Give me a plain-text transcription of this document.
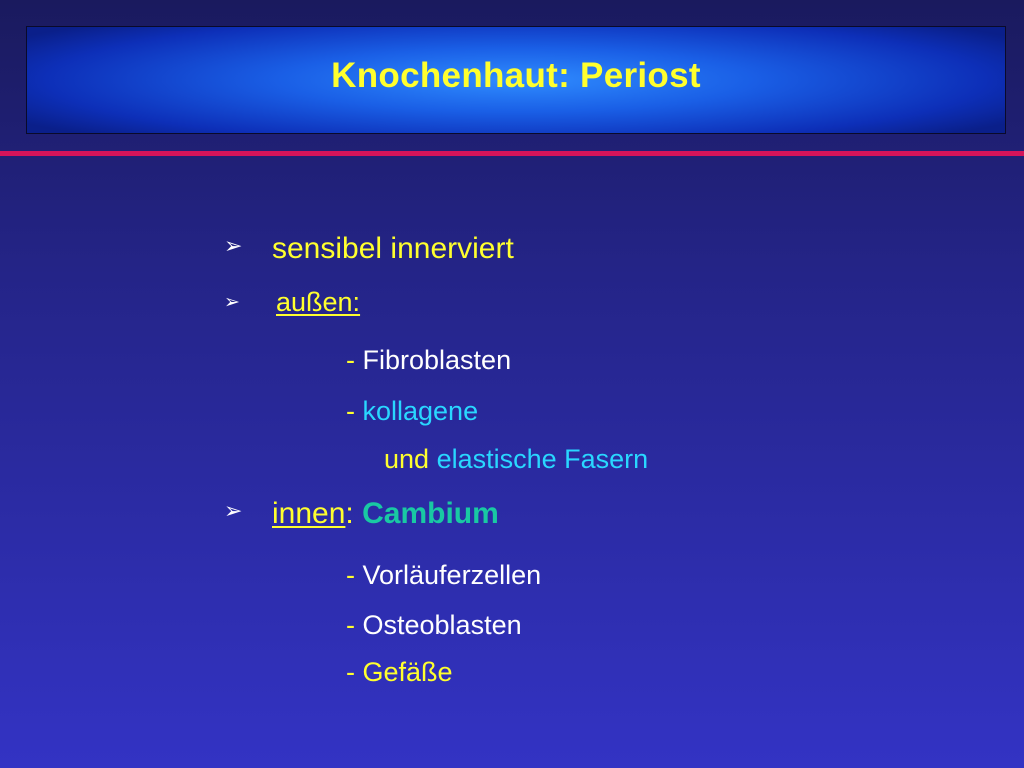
Knochenhaut: Periost
➢ sensibel innerviert
➢ außen:
- Fibroblasten
- kollagene
und elastische Fasern
➢ innen: Cambium
- Vorläuferzellen
- Osteoblasten
- Gefäße
